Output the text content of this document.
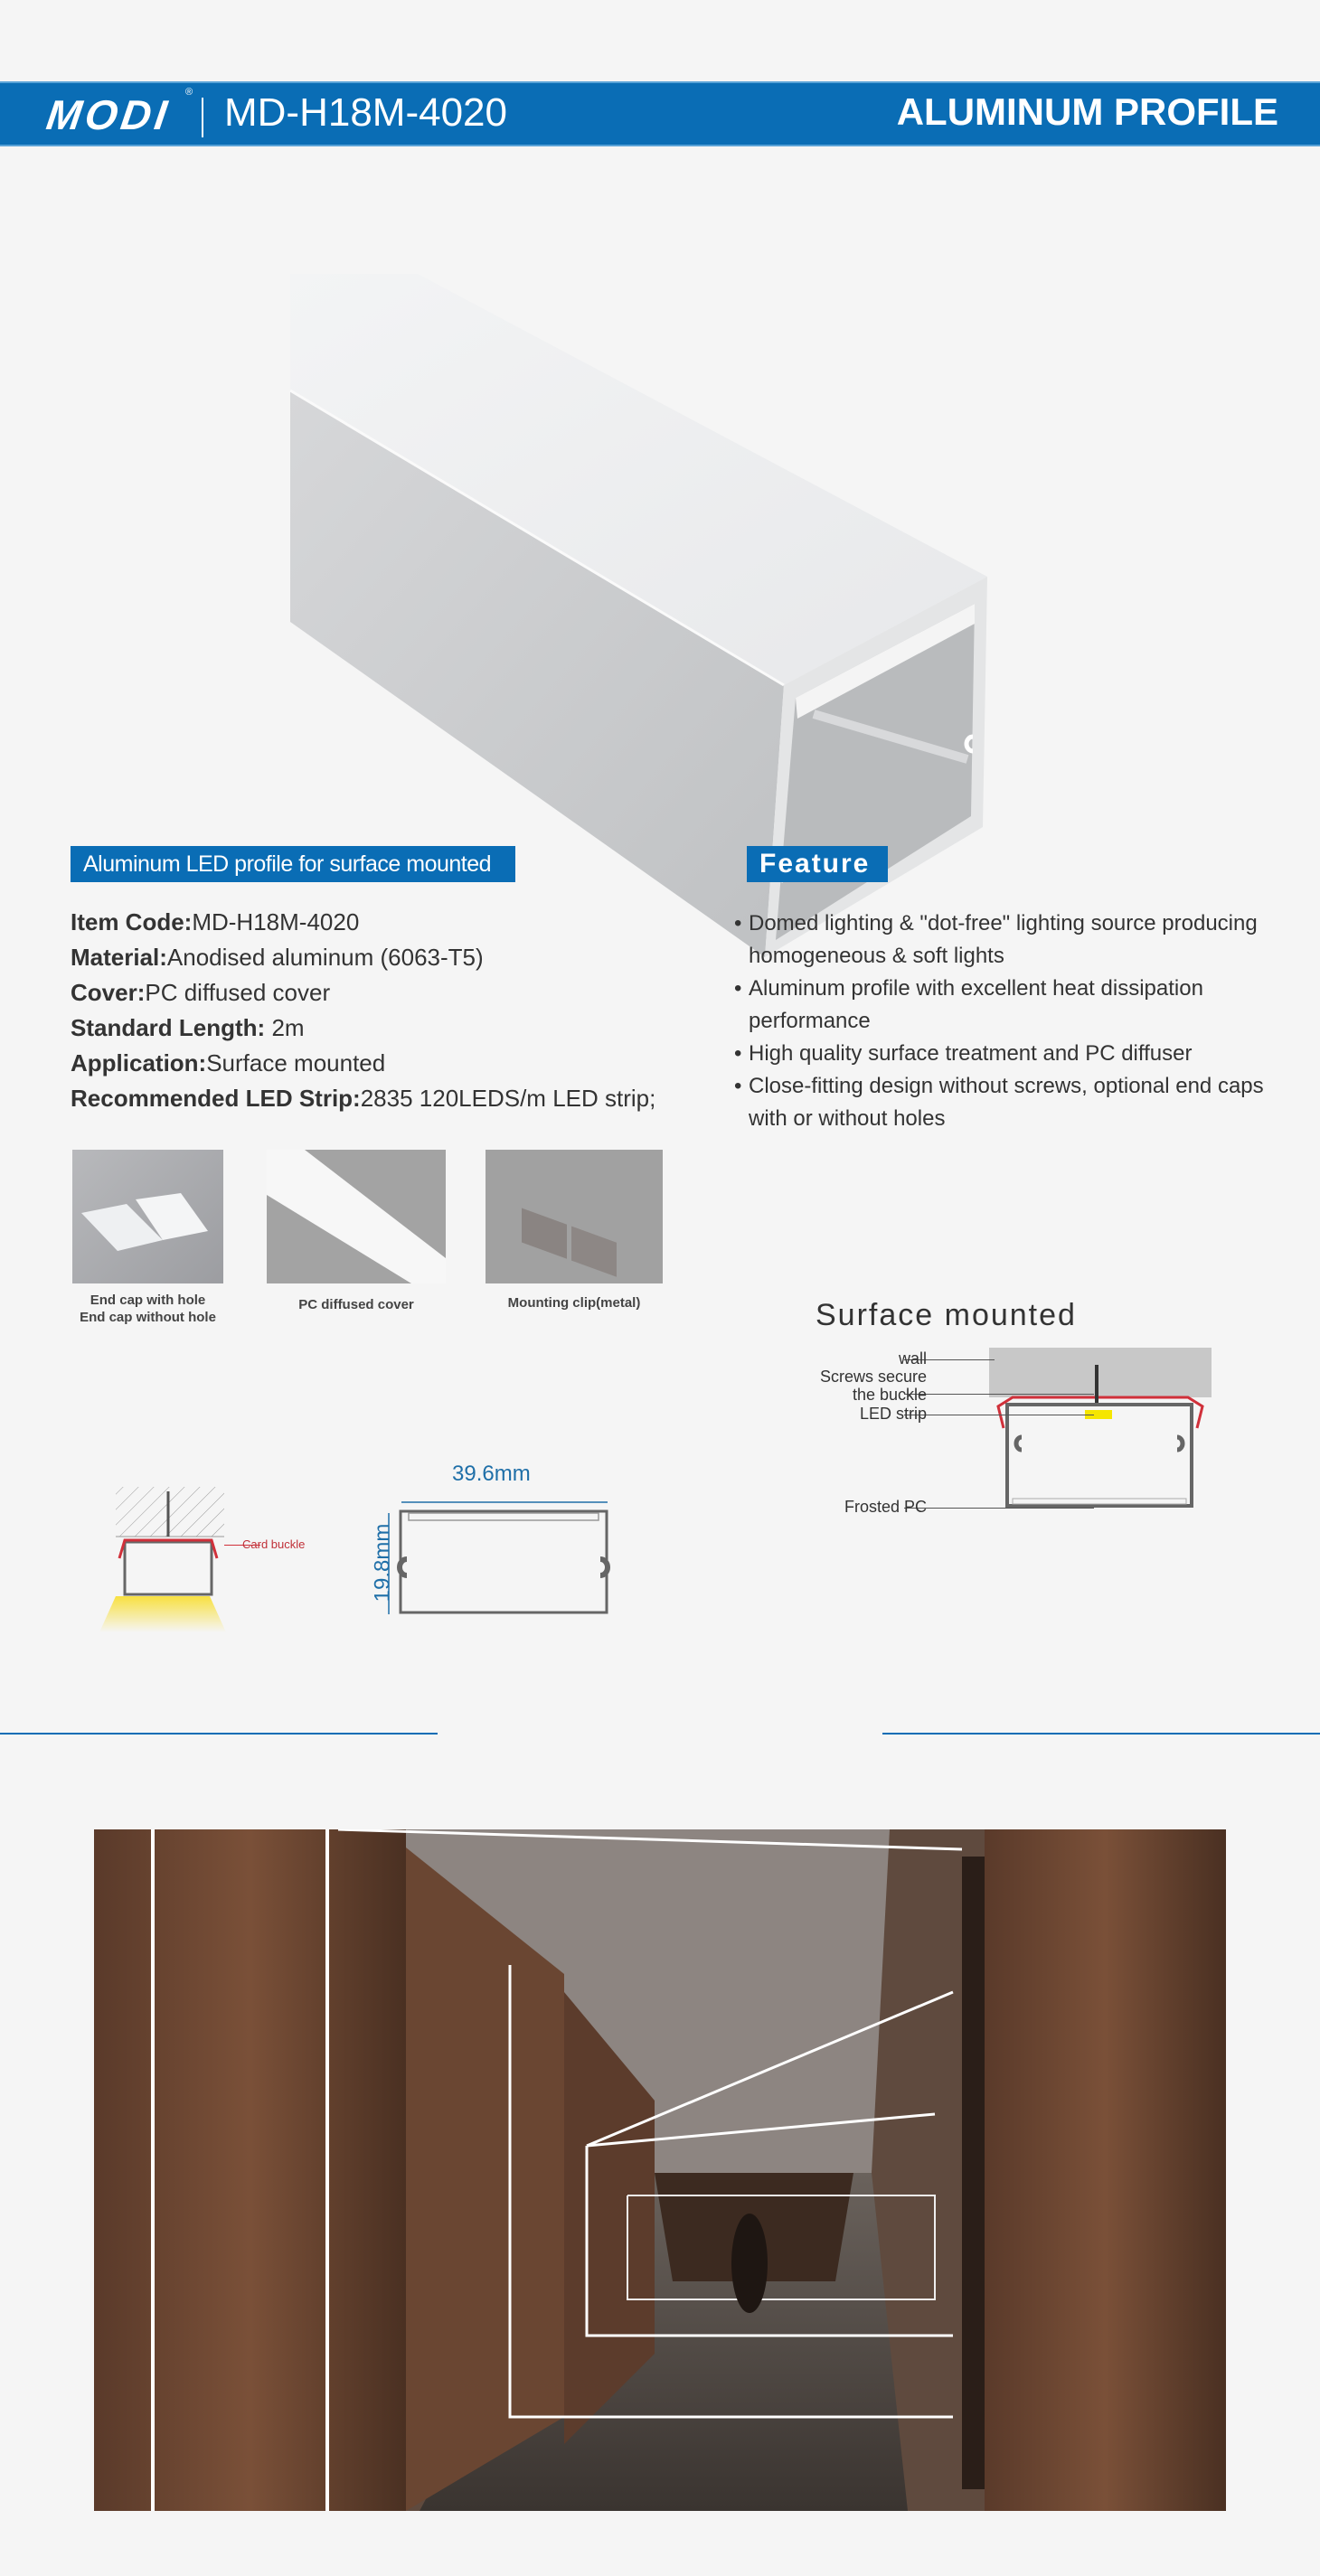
MODI ® MD-H18M-4020	ALUMINUM PROFILE
Aluminum LED profile for surface mounted
Item Code:MD-H18M-4020
Material:Anodised aluminum (6063-T5)
Cover:PC diffused cover
Standard Length: 2m
Application:Surface mounted
Recommended LED Strip:2835 120LEDS/m LED strip;
Feature
• Domed lighting & "dot-free" lighting source producing homogeneous & soft lights
• Aluminum profile with excellent heat dissipation performance
• High quality surface treatment and PC diffuser
• Close-fitting design without screws, optional end caps with or without holes
End cap with hole
End cap without hole
PC diffused cover	Mounting clip(metal)
Card buckle
39.6mm
19.8mm
Surface mounted
wall
Screws secure
the buckle
LED strip
Frosted PC
